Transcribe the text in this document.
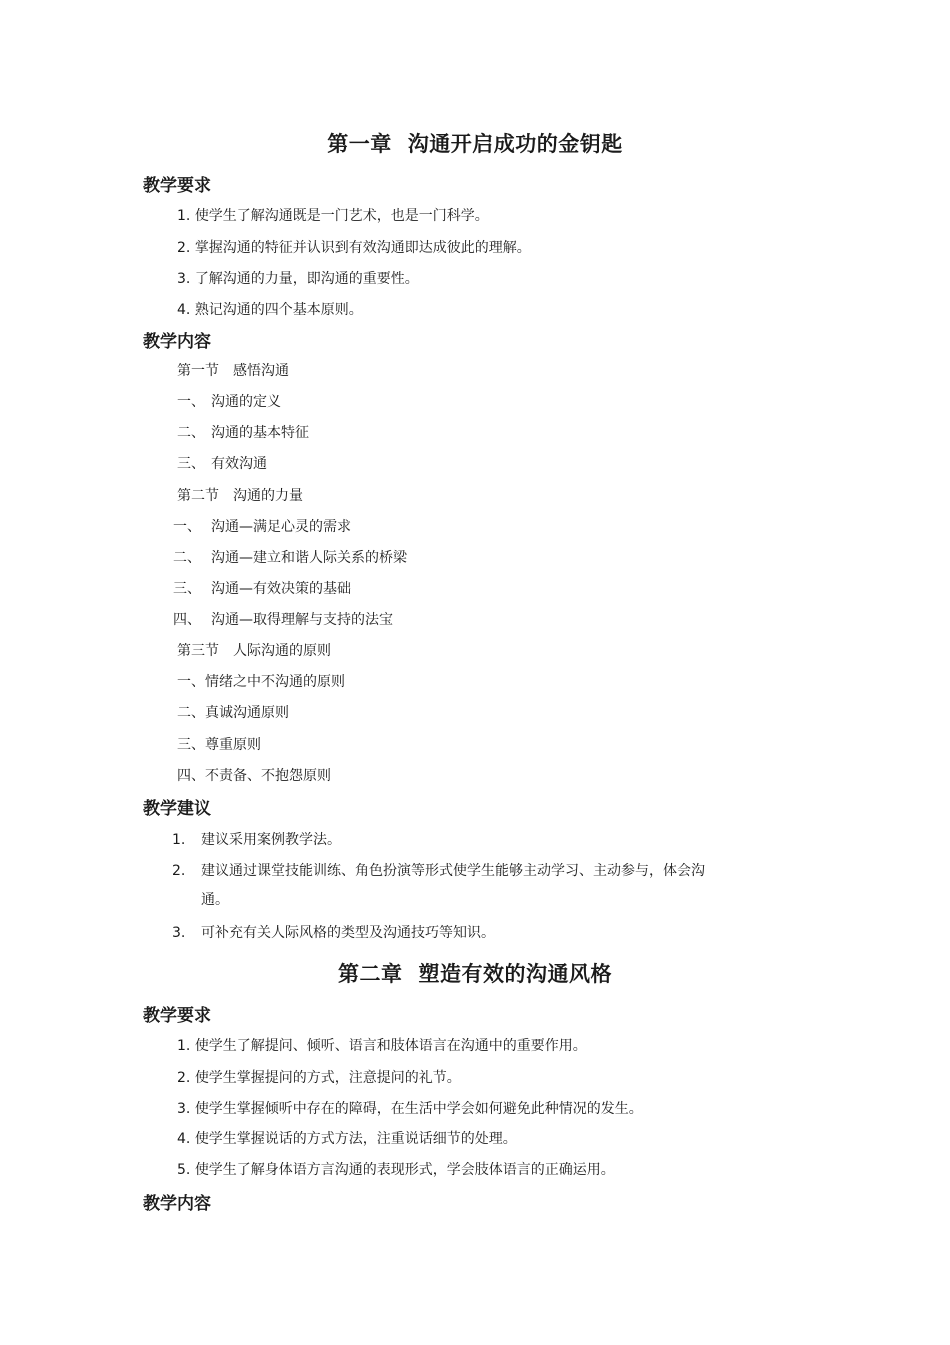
第一章 沟通开启成功的金钥匙
教学要求
1. 使学生了解沟通既是一门艺术，也是一门科学。
2. 掌握沟通的特征并认识到有效沟通即达成彼此的理解。
3. 了解沟通的力量，即沟通的重要性。
4. 熟记沟通的四个基本原则。
教学内容
第一节　感悟沟通
一、 沟通的定义
二、 沟通的基本特征
三、 有效沟通
第二节　沟通的力量
一、 沟通—满足心灵的需求
二、 沟通—建立和谐人际关系的桥梁
三、 沟通—有效决策的基础
四、 沟通—取得理解与支持的法宝
第三节　人际沟通的原则
一、情绪之中不沟通的原则
二、真诚沟通原则
三、尊重原则
四、不责备、不抱怨原则
教学建议
1. 建议采用案例教学法。
2. 建议通过课堂技能训练、角色扮演等形式使学生能够主动学习、主动参与，体会沟
通。
3. 可补充有关人际风格的类型及沟通技巧等知识。
第二章 塑造有效的沟通风格
教学要求
1. 使学生了解提问、倾听、语言和肢体语言在沟通中的重要作用。
2. 使学生掌握提问的方式，注意提问的礼节。
3. 使学生掌握倾听中存在的障碍，在生活中学会如何避免此种情况的发生。
4. 使学生掌握说话的方式方法，注重说话细节的处理。
5. 使学生了解身体语方言沟通的表现形式，学会肢体语言的正确运用。
教学内容
